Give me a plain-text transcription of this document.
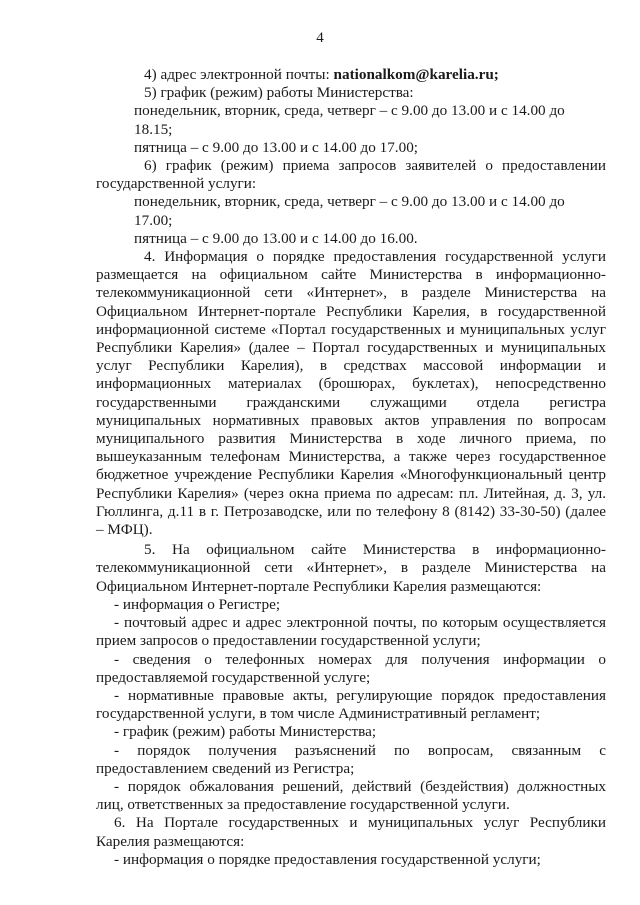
4
4) адрес электронной почты: nationalkom@karelia.ru;
5) график (режим) работы Министерства:
понедельник, вторник, среда, четверг – с 9.00 до 13.00 и с 14.00 до 18.15;
пятница – с 9.00 до 13.00 и с 14.00 до 17.00;
6) график (режим) приема запросов заявителей о предоставлении
государственной услуги:
понедельник, вторник, среда, четверг – с 9.00 до 13.00 и с 14.00 до 17.00;
пятница – с 9.00 до 13.00 и с 14.00 до 16.00.
4. Информация о порядке предоставления государственной услуги
размещается на официальном сайте Министерства в информационно-
телекоммуникационной сети «Интернет», в разделе Министерства на
Официальном Интернет-портале Республики Карелия, в государственной
информационной системе «Портал государственных и муниципальных услуг
Республики Карелия» (далее – Портал государственных и муниципальных
услуг Республики Карелия), в средствах массовой информации и
информационных материалах (брошюрах, буклетах), непосредственно
государственными гражданскими служащими отдела регистра
муниципальных нормативных правовых актов управления по вопросам
муниципального развития Министерства в ходе личного приема, по
вышеуказанным телефонам Министерства, а также через государственное
бюджетное учреждение Республики Карелия «Многофункциональный центр
Республики Карелия» (через окна приема по адресам: пл. Литейная, д. 3, ул.
Гюллинга, д.11 в г. Петрозаводске, или по телефону 8 (8142) 33-30-50) (далее
– МФЦ).
5. На официальном сайте Министерства в информационно-
телекоммуникационной сети «Интернет», в разделе Министерства на
Официальном Интернет-портале Республики Карелия размещаются:
- информация о Регистре;
- почтовый адрес и адрес электронной почты, по которым осуществляется
прием запросов о предоставлении государственной услуги;
- сведения о телефонных номерах для получения информации о
предоставляемой государственной услуге;
- нормативные правовые акты, регулирующие порядок предоставления
государственной услуги, в том числе Административный регламент;
- график (режим) работы Министерства;
- порядок получения разъяснений по вопросам, связанным с
предоставлением сведений из Регистра;
- порядок обжалования решений, действий (бездействия) должностных
лиц, ответственных за предоставление государственной услуги.
6. На Портале государственных и муниципальных услуг Республики
Карелия размещаются:
- информация о порядке предоставления государственной услуги;
